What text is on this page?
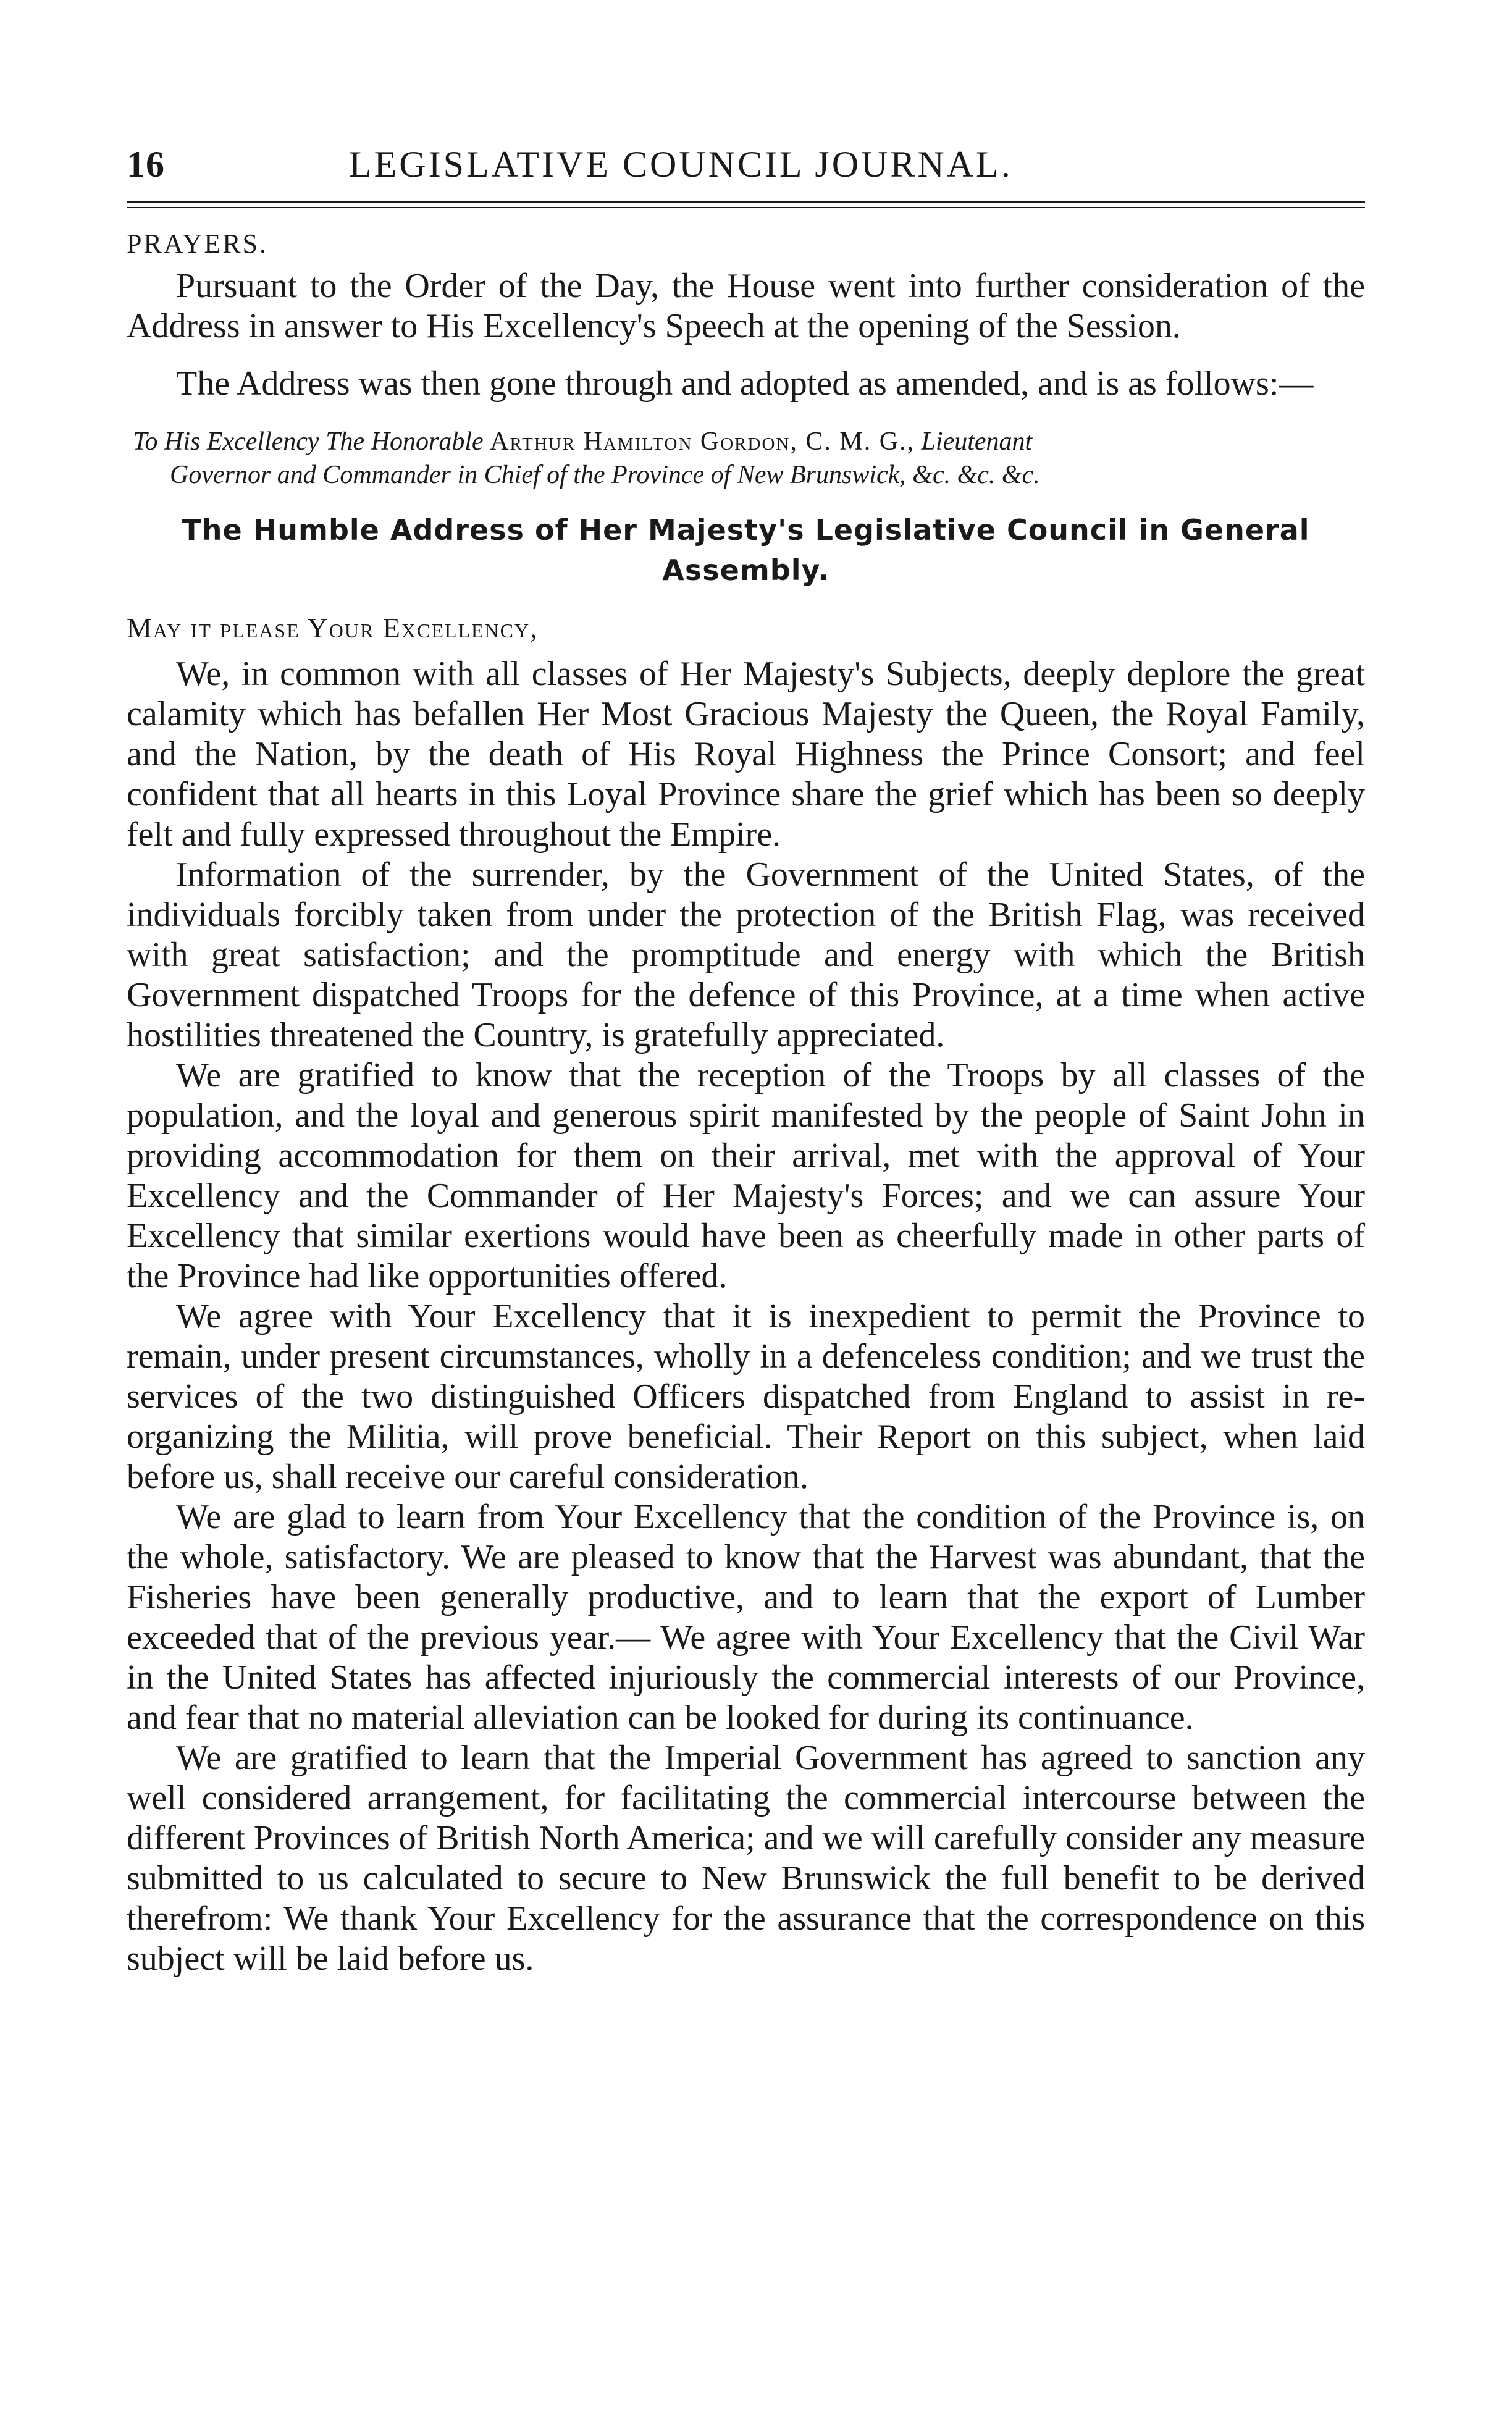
16	LEGISLATIVE COUNCIL JOURNAL.
PRAYERS.

Pursuant to the Order of the Day, the House went into further consideration of the Address in answer to His Excellency's Speech at the opening of the Session.

The Address was then gone through and adopted as amended, and is as follows:—

To His Excellency The Honorable Arthur Hamilton Gordon, C. M. G., Lieutenant
Governor and Commander in Chief of the Province of New Brunswick, &c. &c. &c.
The Humble Address of Her Majesty's Legislative Council in General Assembly.
May it please Your Excellency,

We, in common with all classes of Her Majesty's Subjects, deeply deplore the great calamity which has befallen Her Most Gracious Majesty the Queen, the Royal Family, and the Nation, by the death of His Royal Highness the Prince Consort; and feel confident that all hearts in this Loyal Province share the grief which has been so deeply felt and fully expressed throughout the Empire.

Information of the surrender, by the Government of the United States, of the individuals forcibly taken from under the protection of the British Flag, was received with great satisfaction; and the promptitude and energy with which the British Government dispatched Troops for the defence of this Province, at a time when active hostilities threatened the Country, is gratefully appreciated.

We are gratified to know that the reception of the Troops by all classes of the population, and the loyal and generous spirit manifested by the people of Saint John in providing accommodation for them on their arrival, met with the approval of Your Excellency and the Commander of Her Majesty's Forces; and we can assure Your Excellency that similar exertions would have been as cheerfully made in other parts of the Province had like opportunities offered.

We agree with Your Excellency that it is inexpedient to permit the Province to remain, under present circumstances, wholly in a defenceless condition; and we trust the services of the two distinguished Officers dispatched from England to assist in re-organizing the Militia, will prove beneficial. Their Report on this subject, when laid before us, shall receive our careful consideration.

We are glad to learn from Your Excellency that the condition of the Province is, on the whole, satisfactory. We are pleased to know that the Harvest was abundant, that the Fisheries have been generally productive, and to learn that the export of Lumber exceeded that of the previous year.— We agree with Your Excellency that the Civil War in the United States has affected injuriously the commercial interests of our Province, and fear that no material alleviation can be looked for during its continuance.

We are gratified to learn that the Imperial Government has agreed to sanction any well considered arrangement, for facilitating the commercial intercourse between the different Provinces of British North America; and we will carefully consider any measure submitted to us calculated to secure to New Brunswick the full benefit to be derived therefrom: We thank Your Excellency for the assurance that the correspondence on this subject will be laid before us.
